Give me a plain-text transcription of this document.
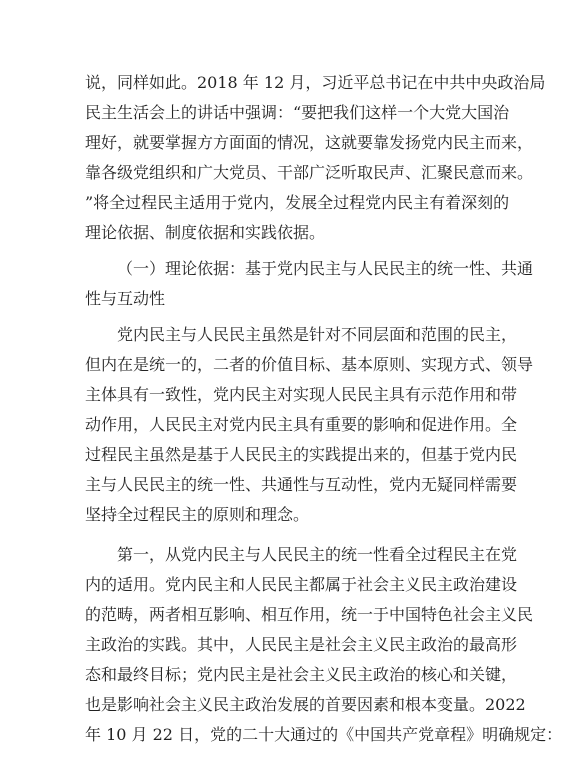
说，同样如此。2018 年 12 月，习近平总书记在中共中央政治局
民主生活会上的讲话中强调：“要把我们这样一个大党大国治
理好，就要掌握方方面面的情况，这就要靠发扬党内民主而来，
靠各级党组织和广大党员、干部广泛听取民声、汇聚民意而来。
”将全过程民主适用于党内，发展全过程党内民主有着深刻的
理论依据、制度依据和实践依据。
（一）理论依据：基于党内民主与人民民主的统一性、共通
性与互动性
党内民主与人民民主虽然是针对不同层面和范围的民主，
但内在是统一的，二者的价值目标、基本原则、实现方式、领导
主体具有一致性，党内民主对实现人民民主具有示范作用和带
动作用，人民民主对党内民主具有重要的影响和促进作用。全
过程民主虽然是基于人民民主的实践提出来的，但基于党内民
主与人民民主的统一性、共通性与互动性，党内无疑同样需要
坚持全过程民主的原则和理念。
第一，从党内民主与人民民主的统一性看全过程民主在党
内的适用。党内民主和人民民主都属于社会主义民主政治建设
的范畴，两者相互影响、相互作用，统一于中国特色社会主义民
主政治的实践。其中，人民民主是社会主义民主政治的最高形
态和最终目标；党内民主是社会主义民主政治的核心和关键，
也是影响社会主义民主政治发展的首要因素和根本变量。2022
年 10 月 22 日，党的二十大通过的《中国共产党章程》明确规定：
